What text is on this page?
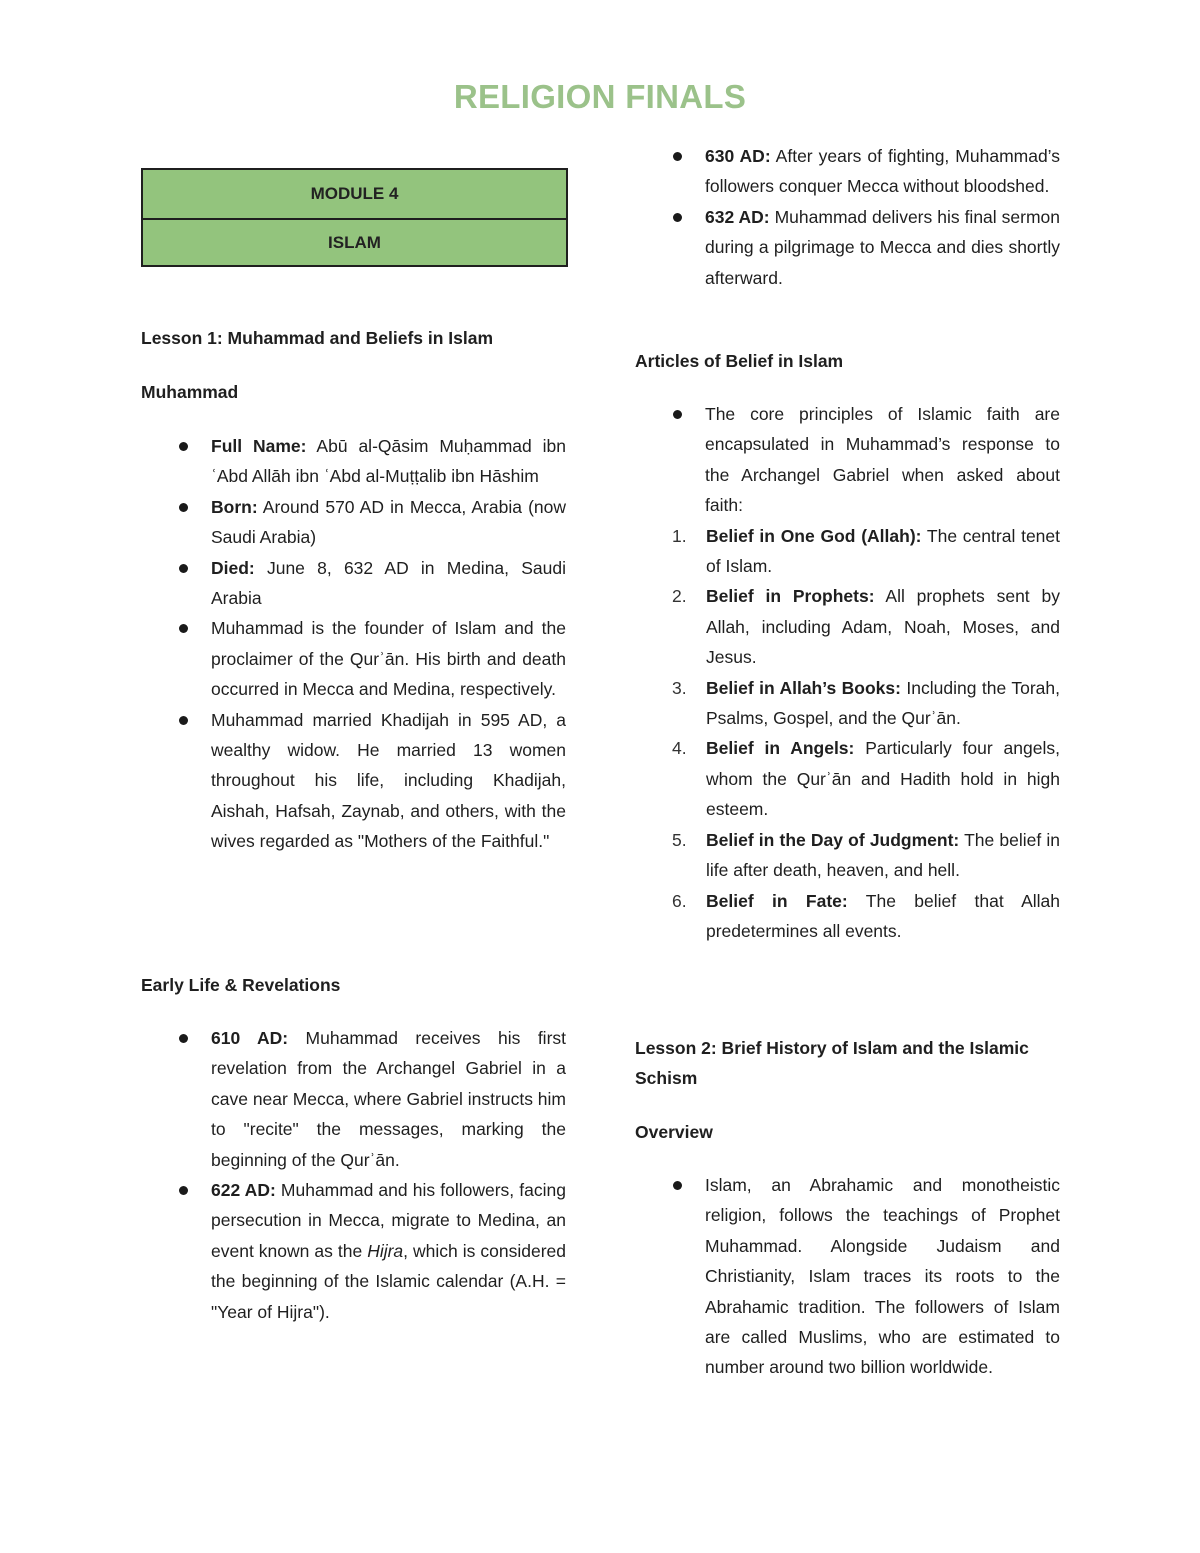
RELIGION FINALS
MODULE 4
ISLAM
Lesson 1: Muhammad and Beliefs in Islam
Muhammad
Full Name: Abū al-Qāsim Muḥammad ibn ʿAbd Allāh ibn ʿAbd al-Muṭṭalib ibn Hāshim
Born: Around 570 AD in Mecca, Arabia (now Saudi Arabia)
Died: June 8, 632 AD in Medina, Saudi Arabia
Muhammad is the founder of Islam and the proclaimer of the Qurʾān. His birth and death occurred in Mecca and Medina, respectively.
Muhammad married Khadijah in 595 AD, a wealthy widow. He married 13 women throughout his life, including Khadijah, Aishah, Hafsah, Zaynab, and others, with the wives regarded as "Mothers of the Faithful."
Early Life & Revelations
610 AD: Muhammad receives his first revelation from the Archangel Gabriel in a cave near Mecca, where Gabriel instructs him to "recite" the messages, marking the beginning of the Qurʾān.
622 AD: Muhammad and his followers, facing persecution in Mecca, migrate to Medina, an event known as the Hijra, which is considered the beginning of the Islamic calendar (A.H. = "Year of Hijra").
630 AD: After years of fighting, Muhammad’s followers conquer Mecca without bloodshed.
632 AD: Muhammad delivers his final sermon during a pilgrimage to Mecca and dies shortly afterward.
Articles of Belief in Islam
The core principles of Islamic faith are encapsulated in Muhammad’s response to the Archangel Gabriel when asked about faith:
1. Belief in One God (Allah): The central tenet of Islam.
2. Belief in Prophets: All prophets sent by Allah, including Adam, Noah, Moses, and Jesus.
3. Belief in Allah’s Books: Including the Torah, Psalms, Gospel, and the Qurʾān.
4. Belief in Angels: Particularly four angels, whom the Qurʾān and Hadith hold in high esteem.
5. Belief in the Day of Judgment: The belief in life after death, heaven, and hell.
6. Belief in Fate: The belief that Allah predetermines all events.
Lesson 2: Brief History of Islam and the Islamic Schism
Overview
Islam, an Abrahamic and monotheistic religion, follows the teachings of Prophet Muhammad. Alongside Judaism and Christianity, Islam traces its roots to the Abrahamic tradition. The followers of Islam are called Muslims, who are estimated to number around two billion worldwide.
